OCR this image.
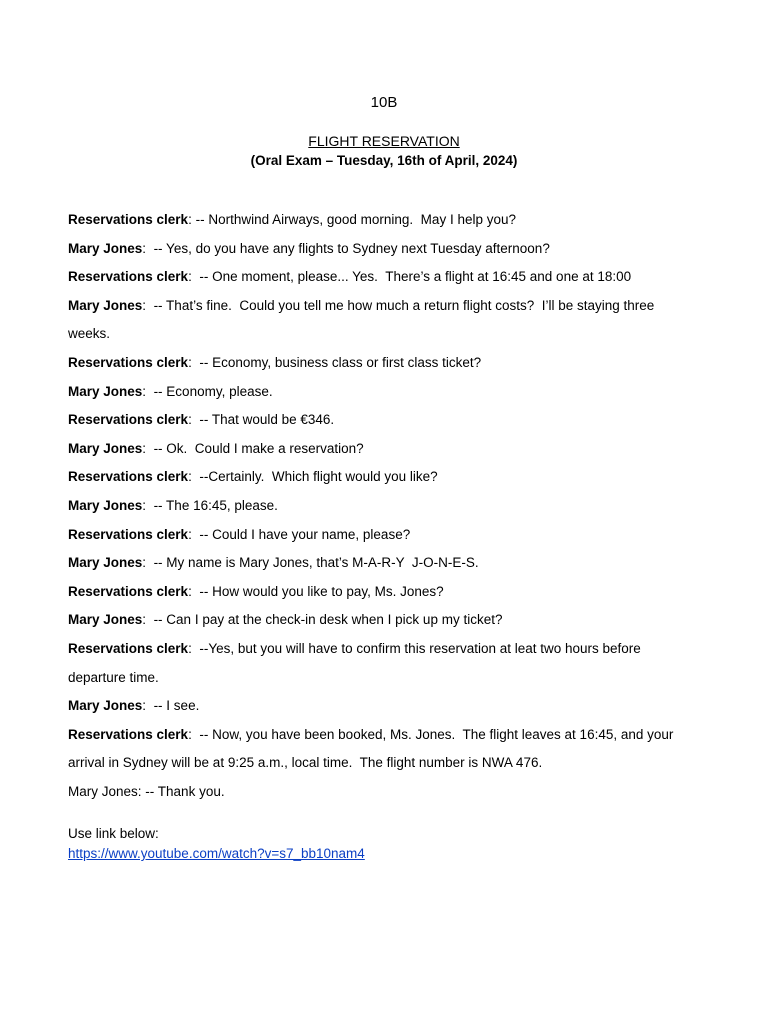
10B
FLIGHT RESERVATION
(Oral Exam – Tuesday, 16th of April, 2024)

Reservations clerk: -- Northwind Airways, good morning.  May I help you?

Mary Jones:  -- Yes, do you have any flights to Sydney next Tuesday afternoon?

Reservations clerk:  -- One moment, please... Yes.  There’s a flight at 16:45 and one at 18:00

Mary Jones:  -- That’s fine.  Could you tell me how much a return flight costs?  I’ll be staying three weeks.

Reservations clerk:  -- Economy, business class or first class ticket?

Mary Jones:  -- Economy, please.

Reservations clerk:  -- That would be €346.

Mary Jones:  -- Ok.  Could I make a reservation?

Reservations clerk:  --Certainly.  Which flight would you like?

Mary Jones:  -- The 16:45, please.

Reservations clerk:  -- Could I have your name, please?

Mary Jones:  -- My name is Mary Jones, that’s M-A-R-Y  J-O-N-E-S.

Reservations clerk:  -- How would you like to pay, Ms. Jones?

Mary Jones:  -- Can I pay at the check-in desk when I pick up my ticket?

Reservations clerk:  --Yes, but you will have to confirm this reservation at leat two hours before departure time.

Mary Jones:  -- I see.

Reservations clerk:  -- Now, you have been booked, Ms. Jones.  The flight leaves at 16:45, and your arrival in Sydney will be at 9:25 a.m., local time.  The flight number is NWA 476.

Mary Jones: -- Thank you.

Use link below:
https://www.youtube.com/watch?v=s7_bb10nam4
